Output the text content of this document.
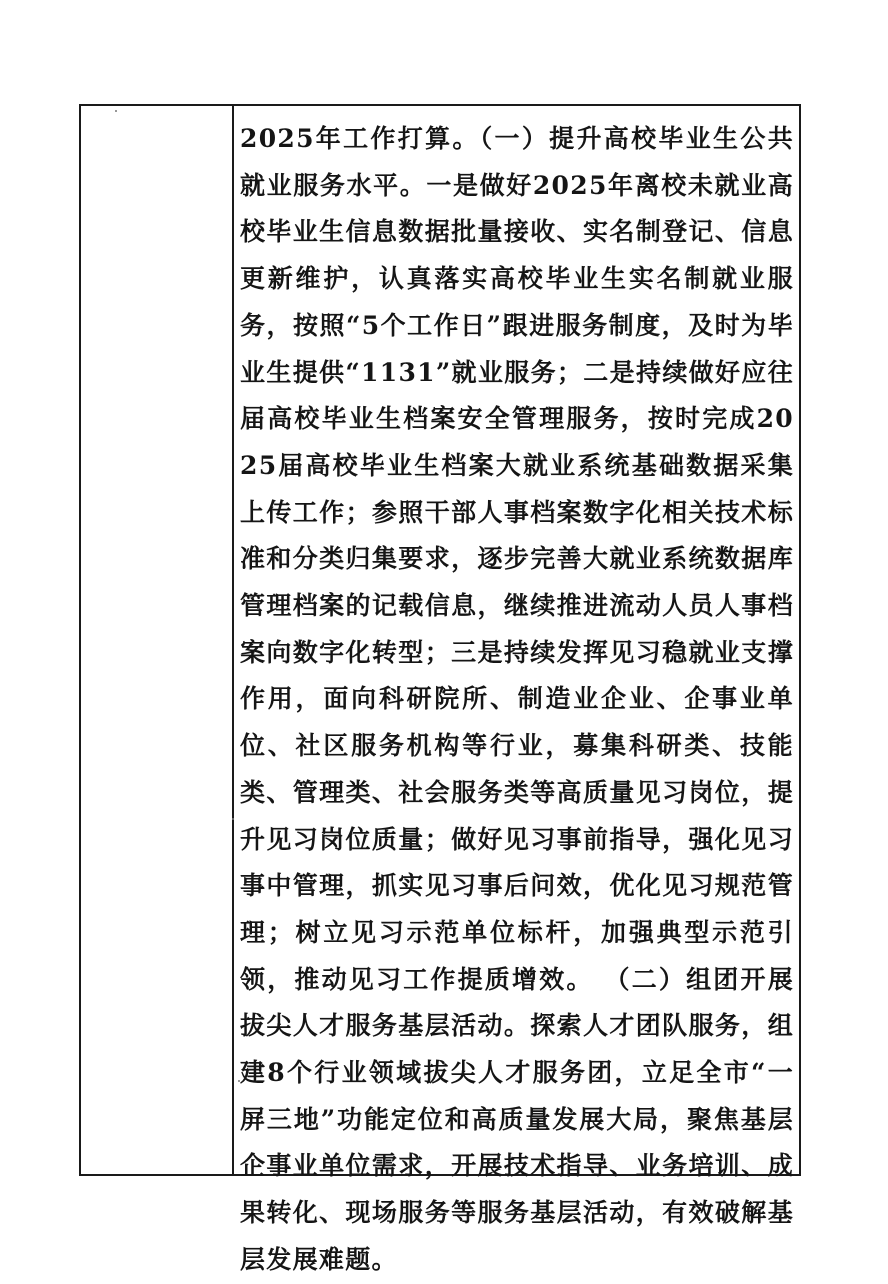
2025年工作打算。（一）提升高校毕业生公共就业服务水平。一是做好2025年离校未就业高校毕业生信息数据批量接收、实名制登记、信息更新维护，认真落实高校毕业生实名制就业服务，按照“5个工作日”跟进服务制度，及时为毕业生提供“1131”就业服务；二是持续做好应往届高校毕业生档案安全管理服务，按时完成2025届高校毕业生档案大就业系统基础数据采集上传工作；参照干部人事档案数字化相关技术标准和分类归集要求，逐步完善大就业系统数据库管理档案的记载信息，继续推进流动人员人事档案向数字化转型；三是持续发挥见习稳就业支撑作用，面向科研院所、制造业企业、企事业单位、社区服务机构等行业，募集科研类、技能类、管理类、社会服务类等高质量见习岗位，提升见习岗位质量；做好见习事前指导，强化见习事中管理，抓实见习事后问效，优化见习规范管理；树立见习示范单位标杆，加强典型示范引领，推动见习工作提质增效。 （二）组团开展拔尖人才服务基层活动。探索人才团队服务，组建8个行业领域拔尖人才服务团，立足全市“一屏三地”功能定位和高质量发展大局，聚焦基层企事业单位需求，开展技术指导、业务培训、成果转化、现场服务等服务基层活动，有效破解基层发展难题。
